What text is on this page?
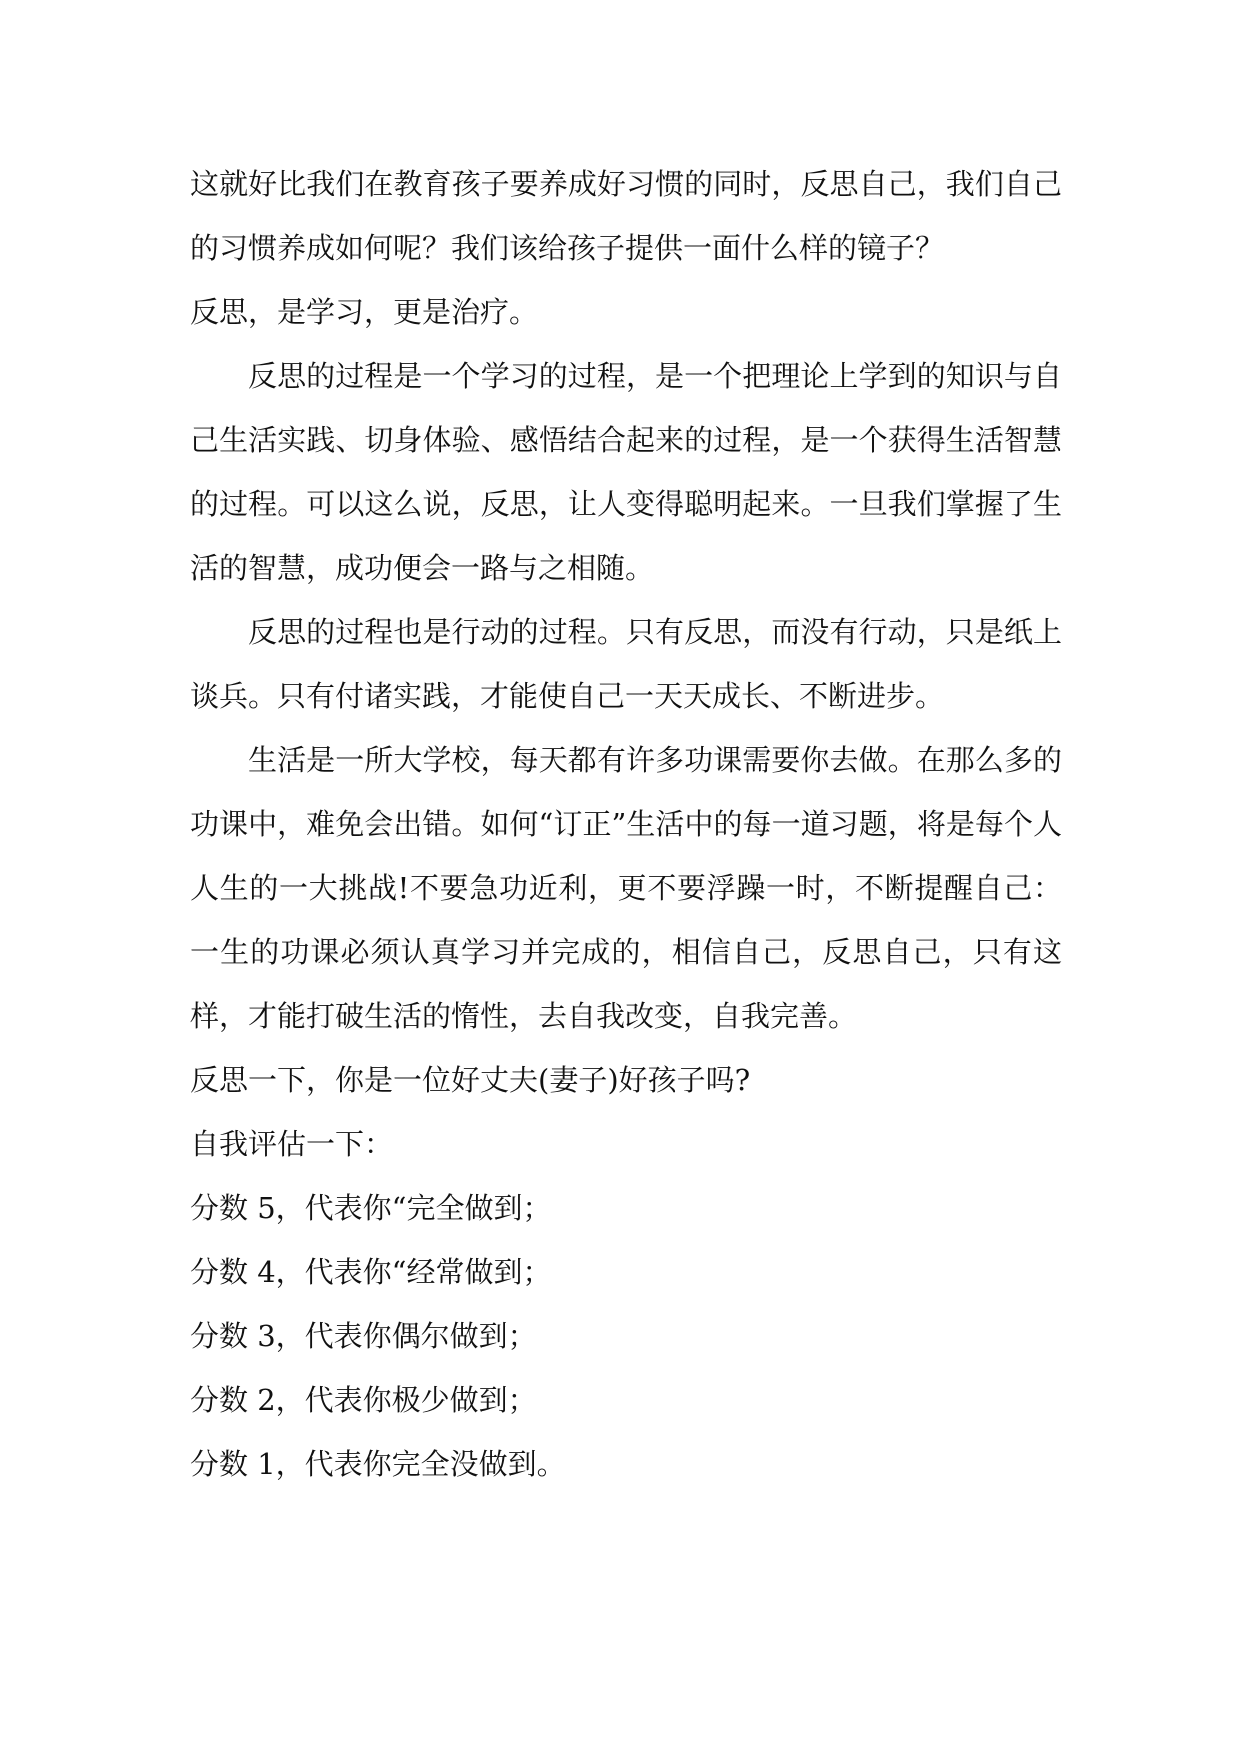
这就好比我们在教育孩子要养成好习惯的同时，反思自己，我们自己的习惯养成如何呢？我们该给孩子提供一面什么样的镜子？

反思，是学习，更是治疗。

反思的过程是一个学习的过程，是一个把理论上学到的知识与自己生活实践、切身体验、感悟结合起来的过程，是一个获得生活智慧的过程。可以这么说，反思，让人变得聪明起来。一旦我们掌握了生活的智慧，成功便会一路与之相随。

反思的过程也是行动的过程。只有反思，而没有行动，只是纸上谈兵。只有付诸实践，才能使自己一天天成长、不断进步。

生活是一所大学校，每天都有许多功课需要你去做。在那么多的功课中，难免会出错。如何“订正”生活中的每一道习题，将是每个人人生的一大挑战!不要急功近利，更不要浮躁一时，不断提醒自己：一生的功课必须认真学习并完成的，相信自己，反思自己，只有这样，才能打破生活的惰性，去自我改变，自我完善。

反思一下，你是一位好丈夫(妻子)好孩子吗?

自我评估一下：

分数 5，代表你“完全做到；

分数 4，代表你“经常做到；

分数 3，代表你偶尔做到；

分数 2，代表你极少做到；

分数 1，代表你完全没做到。
